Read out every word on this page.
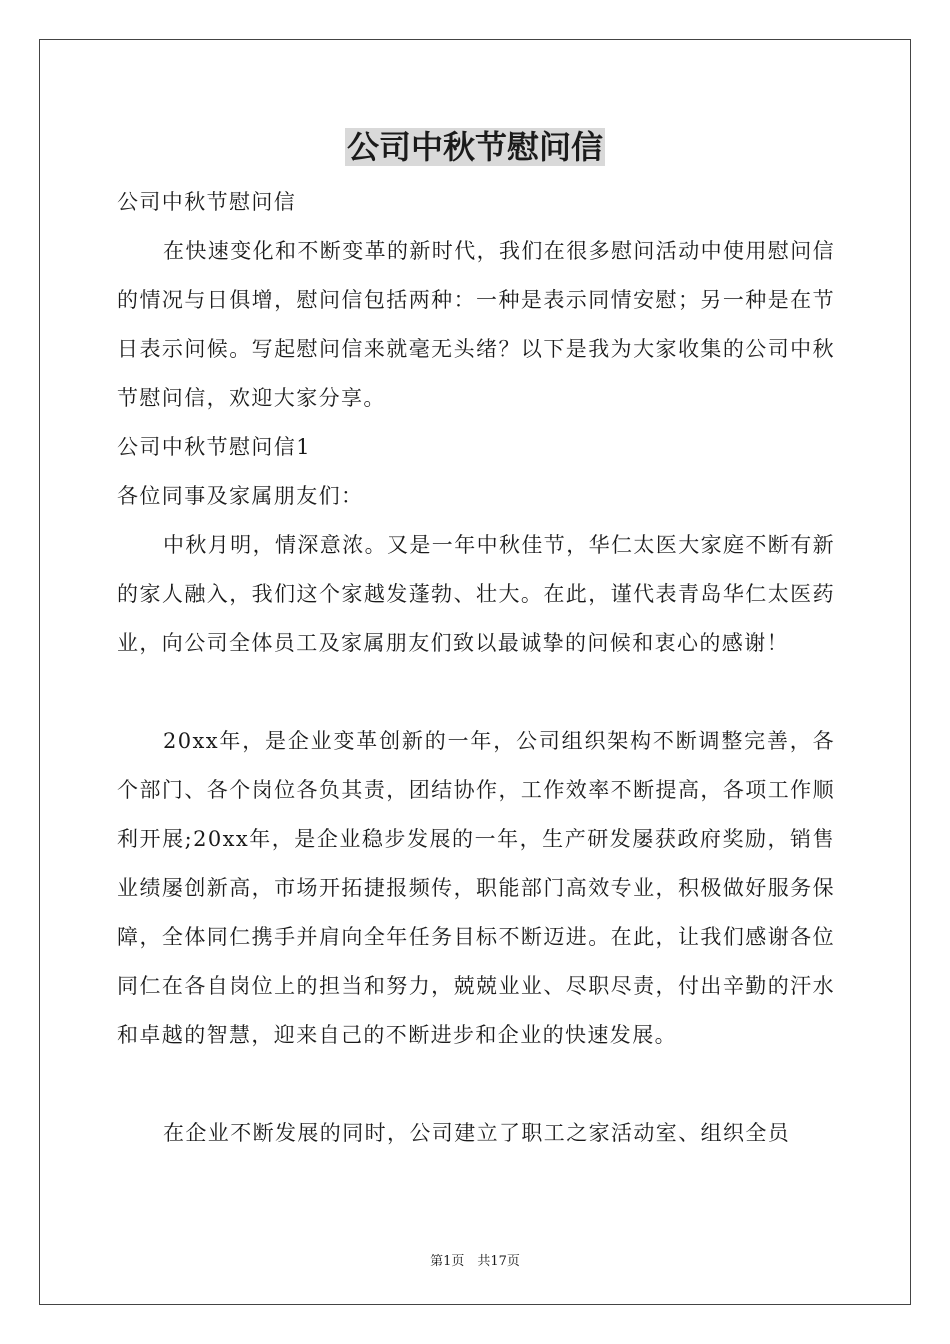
公司中秋节慰问信
公司中秋节慰问信
在快速变化和不断变革的新时代，我们在很多慰问活动中使用慰问信的情况与日俱增，慰问信包括两种：一种是表示同情安慰；另一种是在节日表示问候。写起慰问信来就毫无头绪？以下是我为大家收集的公司中秋节慰问信，欢迎大家分享。
公司中秋节慰问信1
各位同事及家属朋友们：
中秋月明，情深意浓。又是一年中秋佳节，华仁太医大家庭不断有新的家人融入，我们这个家越发蓬勃、壮大。在此，谨代表青岛华仁太医药业，向公司全体员工及家属朋友们致以最诚挚的问候和衷心的感谢！
20xx年，是企业变革创新的一年，公司组织架构不断调整完善，各个部门、各个岗位各负其责，团结协作，工作效率不断提高，各项工作顺利开展;20xx年，是企业稳步发展的一年，生产研发屡获政府奖励，销售业绩屡创新高，市场开拓捷报频传，职能部门高效专业，积极做好服务保障，全体同仁携手并肩向全年任务目标不断迈进。在此，让我们感谢各位同仁在各自岗位上的担当和努力，兢兢业业、尽职尽责，付出辛勤的汗水和卓越的智慧，迎来自己的不断进步和企业的快速发展。
在企业不断发展的同时，公司建立了职工之家活动室、组织全员
第1页　共17页
